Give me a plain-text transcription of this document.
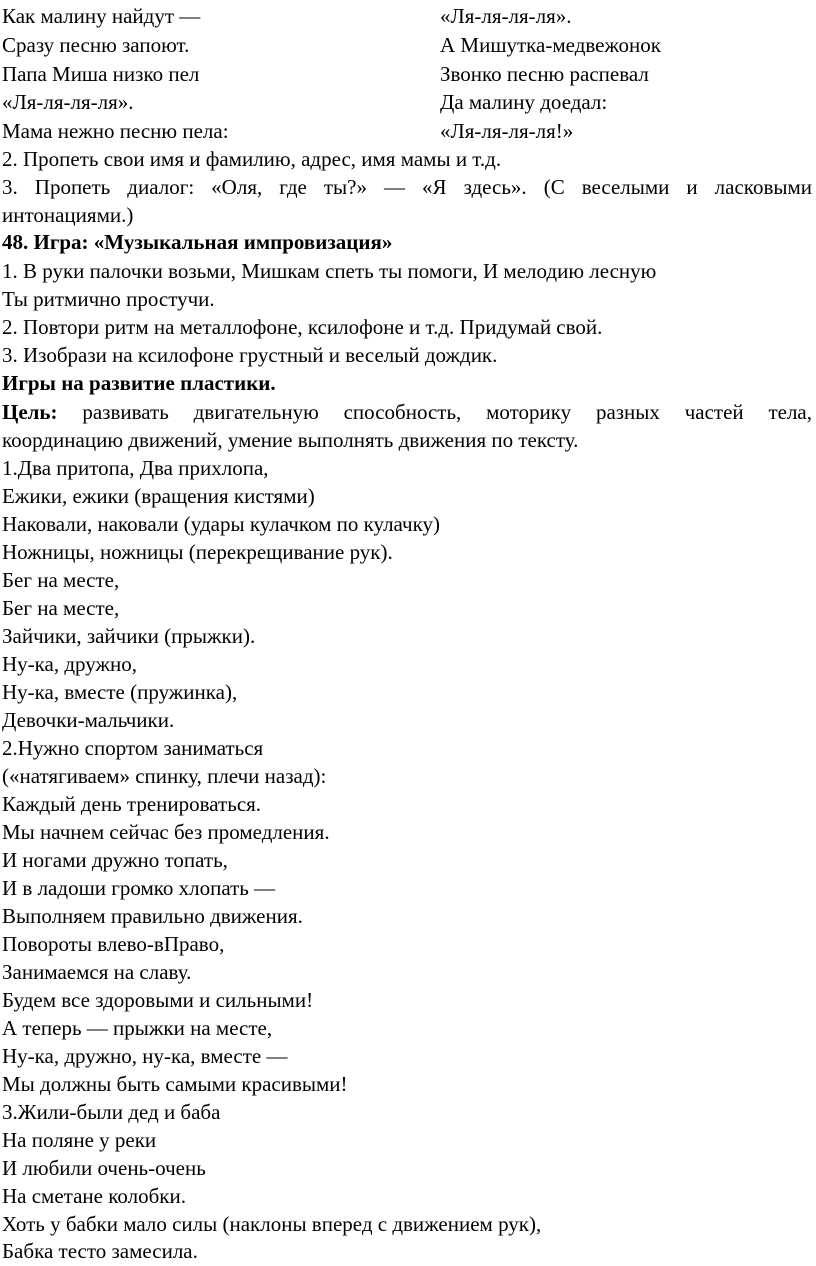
Как малину найдут —
Сразу песню запоют.
Папа Миша низко пел
«Ля-ля-ля-ля».
Мама нежно песню пела:
«Ля-ля-ля-ля».
А Мишутка-медвежонок
Звонко песню распевал
Да малину доедал:
«Ля-ля-ля-ля!»
2. Пропеть свои имя и фамилию, адрес, имя мамы и т.д.
3. Пропеть диалог: «Оля, где ты?» — «Я здесь». (С веселыми и ласковыми
интонациями.)
48. Игра: «Музыкальная импровизация»
1. В руки палочки возьми, Мишкам спеть ты помоги, И мелодию лесную
Ты ритмично простучи.
2. Повтори ритм на металлофоне, ксилофоне и т.д. Придумай свой.
3. Изобрази на ксилофоне грустный и веселый дождик.
Игры на развитие пластики.
Цель: развивать двигательную способность, моторику разных частей тела,
координацию движений, умение выполнять движения по тексту.
1.Два притопа, Два прихлопа,
Ежики, ежики (вращения кистями)
Наковали, наковали (удары кулачком по кулачку)
Ножницы, ножницы (перекрещивание рук).
Бег на месте,
Бег на месте,
Зайчики, зайчики (прыжки).
Ну-ка, дружно,
Ну-ка, вместе (пружинка),
Девочки-мальчики.
2.Нужно спортом заниматься
(«натягиваем» спинку, плечи назад):
Каждый день тренироваться.
Мы начнем сейчас без промедления.
И ногами дружно топать,
И в ладоши громко хлопать —
Выполняем правильно движения.
Повороты влево-вПраво,
Занимаемся на славу.
Будем все здоровыми и сильными!
А теперь — прыжки на месте,
Ну-ка, дружно, ну-ка, вместе —
Мы должны быть самыми красивыми!
3.Жили-были дед и баба
На поляне у реки
И любили очень-очень
На сметане колобки.
Хоть у бабки мало силы (наклоны вперед с движением рук),
Бабка тесто замесила.
